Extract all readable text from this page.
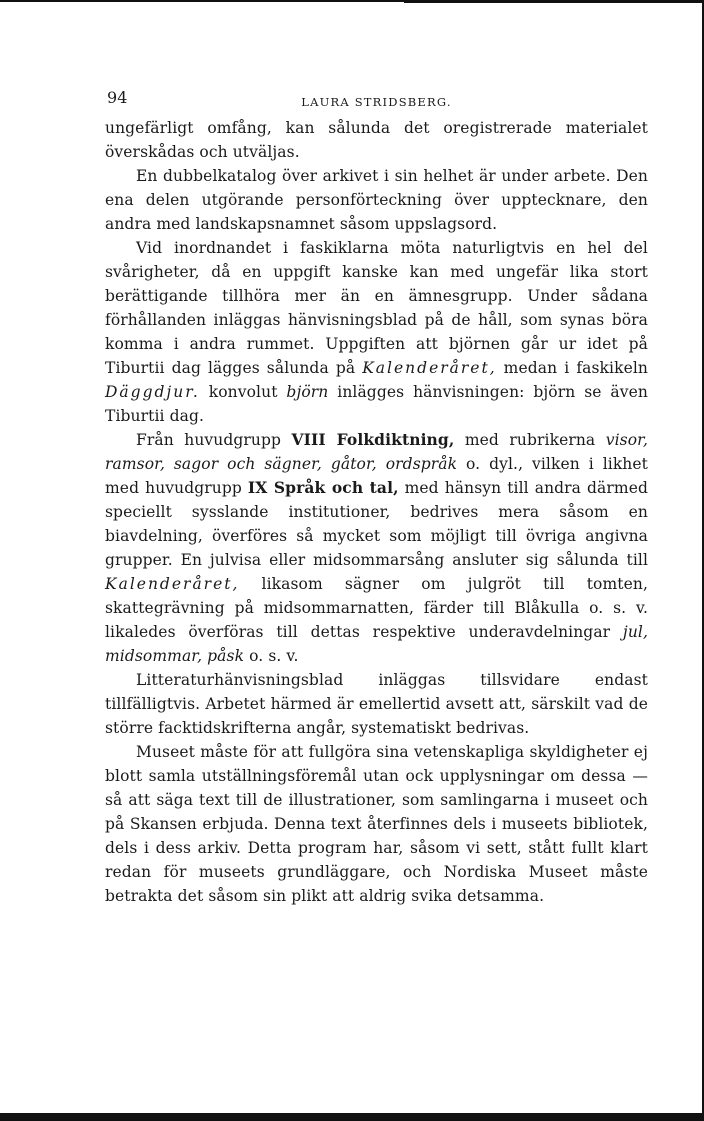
94	LAURA STRIDSBERG.

ungefärligt omfång, kan sålunda det oregistrerade materialet överskådas och utväljas.

En dubbelkatalog över arkivet i sin helhet är under arbete. Den ena delen utgörande personförteckning över upptecknare, den andra med landskapsnamnet såsom uppslagsord.

Vid inordnandet i faskiklarna möta naturligtvis en hel del svårigheter, då en uppgift kanske kan med ungefär lika stort berättigande tillhöra mer än en ämnesgrupp. Under sådana förhållanden inläggas hänvisningsblad på de håll, som synas böra komma i andra rummet. Uppgiften att björnen går ur idet på Tiburtii dag lägges sålunda på Kalenderåret, medan i faskikeln Däggdjur. konvolut björn inlägges hänvisningen: björn se även Tiburtii dag.

Från huvudgrupp VIII Folkdiktning, med rubrikerna visor, ramsor, sagor och sägner, gåtor, ordspråk o. dyl., vilken i likhet med huvudgrupp IX Språk och tal, med hänsyn till andra därmed speciellt sysslande institutioner, bedrives mera såsom en biavdelning, överföres så mycket som möjligt till övriga angivna grupper. En julvisa eller midsommarsång ansluter sig sålunda till Kalenderåret, likasom sägner om julgröt till tomten, skattegrävning på midsommarnatten, färder till Blåkulla o. s. v. likaledes överföras till dettas respektive underavdelningar jul, midsommar, påsk o. s. v.

Litteraturhänvisningsblad inläggas tillsvidare endast tillfälligtvis. Arbetet härmed är emellertid avsett att, särskilt vad de större facktidskrifterna angår, systematiskt bedrivas.

Museet måste för att fullgöra sina vetenskapliga skyldigheter ej blott samla utställningsföremål utan ock upplysningar om dessa — så att säga text till de illustrationer, som samlingarna i museet och på Skansen erbjuda. Denna text återfinnes dels i museets bibliotek, dels i dess arkiv. Detta program har, såsom vi sett, stått fullt klart redan för museets grundläggare, och Nordiska Museet måste betrakta det såsom sin plikt att aldrig svika detsamma.
